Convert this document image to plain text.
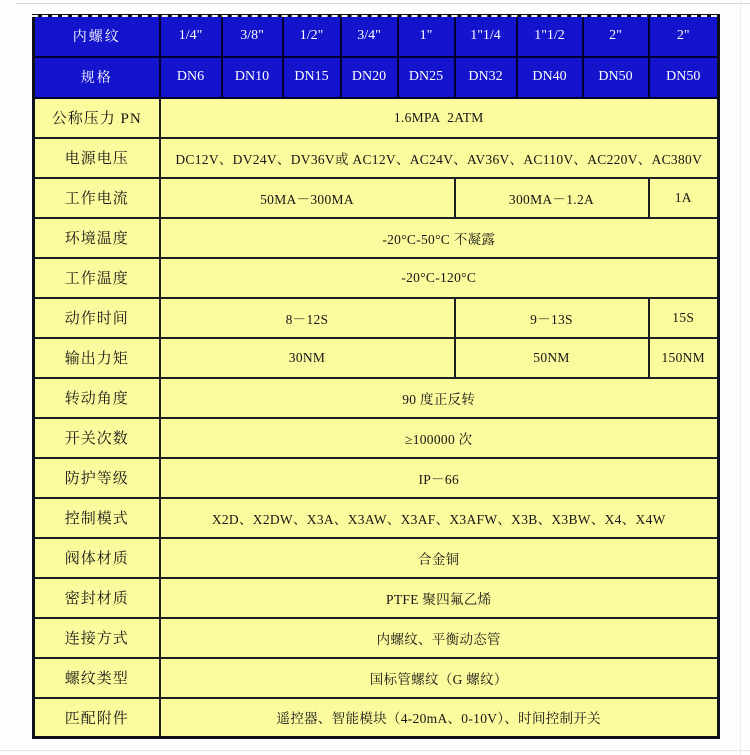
内螺纹	1/4"	3/8"	1/2"	3/4"	1"	1"1/4	1"1/2	2"	2"
规格	DN6	DN10	DN15	DN20	DN25	DN32	DN40	DN50	DN50
公称压力 PN	1.6MPA  2ATM								
电源电压	DC12V、DV24V、DV36V或 AC12V、AC24V、AV36V、AC110V、AC220V、AC380V								
工作电流	50MA－300MA					300MA－1.2A			1A
环境温度	-20°C-50°C 不凝露								
工作温度	-20°C-120°C								
动作时间	8－12S					9－13S			15S
输出力矩	30NM					50NM			150NM
转动角度	90 度正反转								
开关次数	≥100000 次								
防护等级	IP－66								
控制模式	X2D、X2DW、X3A、X3AW、X3AF、X3AFW、X3B、X3BW、X4、X4W								
阀体材质	合金铜								
密封材质	PTFE 聚四氟乙烯								
连接方式	内螺纹、平衡动态管								
螺纹类型	国标管螺纹（G 螺纹）								
匹配附件	遥控器、智能模块（4-20mA、0-10V）、时间控制开关								
